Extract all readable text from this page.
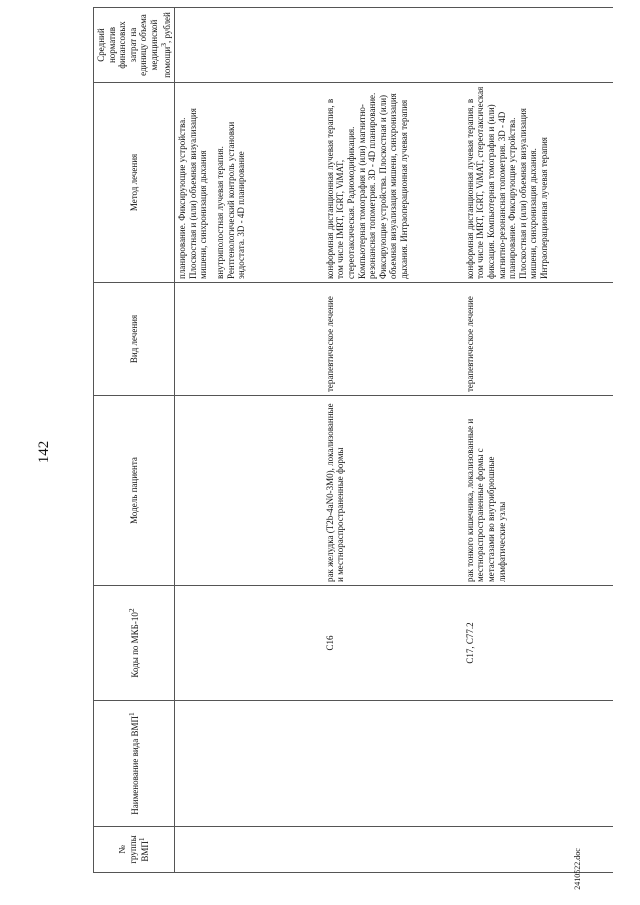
142
№ группы ВМП$^1$	Наименование вида ВМП$^1$	Коды по МКБ-$10^2$	Модель пациента	Вид лечения	Метод лечения	Средний норматив финансовых затрат на единицу объема медицинской помощи$^3$, рублей

					планирование. Фиксирующие устройства. Плоскостная и (или) объемная визуализация мишени, синхронизация дыхания внутриполостная лучевая терапия. Рентгенологический контроль установки эндостата. 3D - 4D планирование	

		C16	рак желудка (T2b-4aN0-3M0), локализованные и местнораспространенные формы	терапевтическое лечение	конформная дистанционная лучевая терапия, в том числе IMRT, IGRT, ViMAT, стереотаксическая. Радиомодификация. Компьютерная томография и (или) магнитно-резонансная топометрия. 3D - 4D планирование. Фиксирующие устройства. Плоскостная и (или) объемная визуализация мишени, синхронизация дыхания. Интраоперационная лучевая терапия	

		C17, C77.2	рак тонкого кишечника, локализованные и местнораспространенные формы с метастазами во внутрибрюшные лимфатические узлы	терапевтическое лечение	конформная дистанционная лучевая терапия, в том числе IMRT, IGRT, ViMAT, стереотаксическая фиксация. Компьютерная томография и (или) магнитно-резонансная топометрия. 3D - 4D планирование. Фиксирующие устройства. Плоскостная и (или) объемная визуализация мишени, синхронизация дыхания. Интраоперационная лучевая терапия	

2410522.doc
